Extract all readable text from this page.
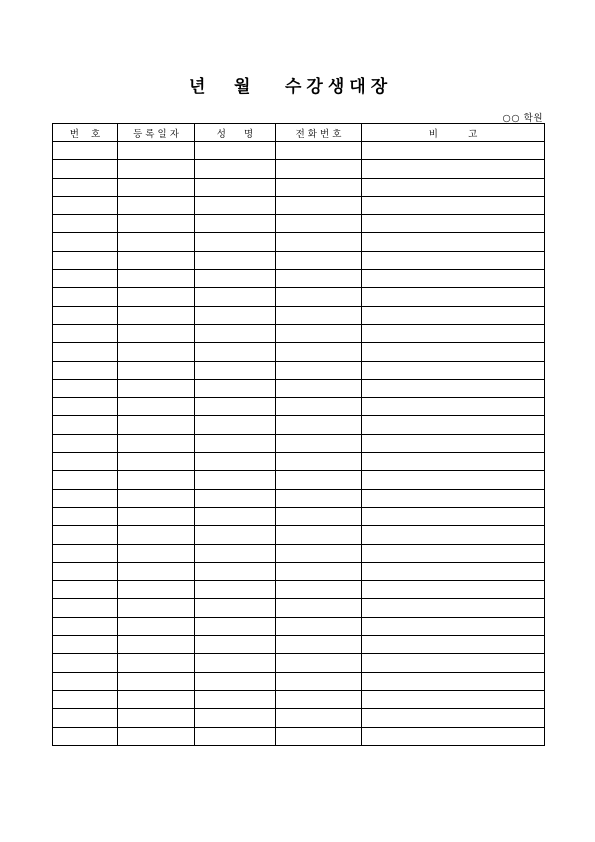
년 월 수강생대장
○○ 학원
번    호	등 록 일 자	성      명	전 화 번 호	비          고
